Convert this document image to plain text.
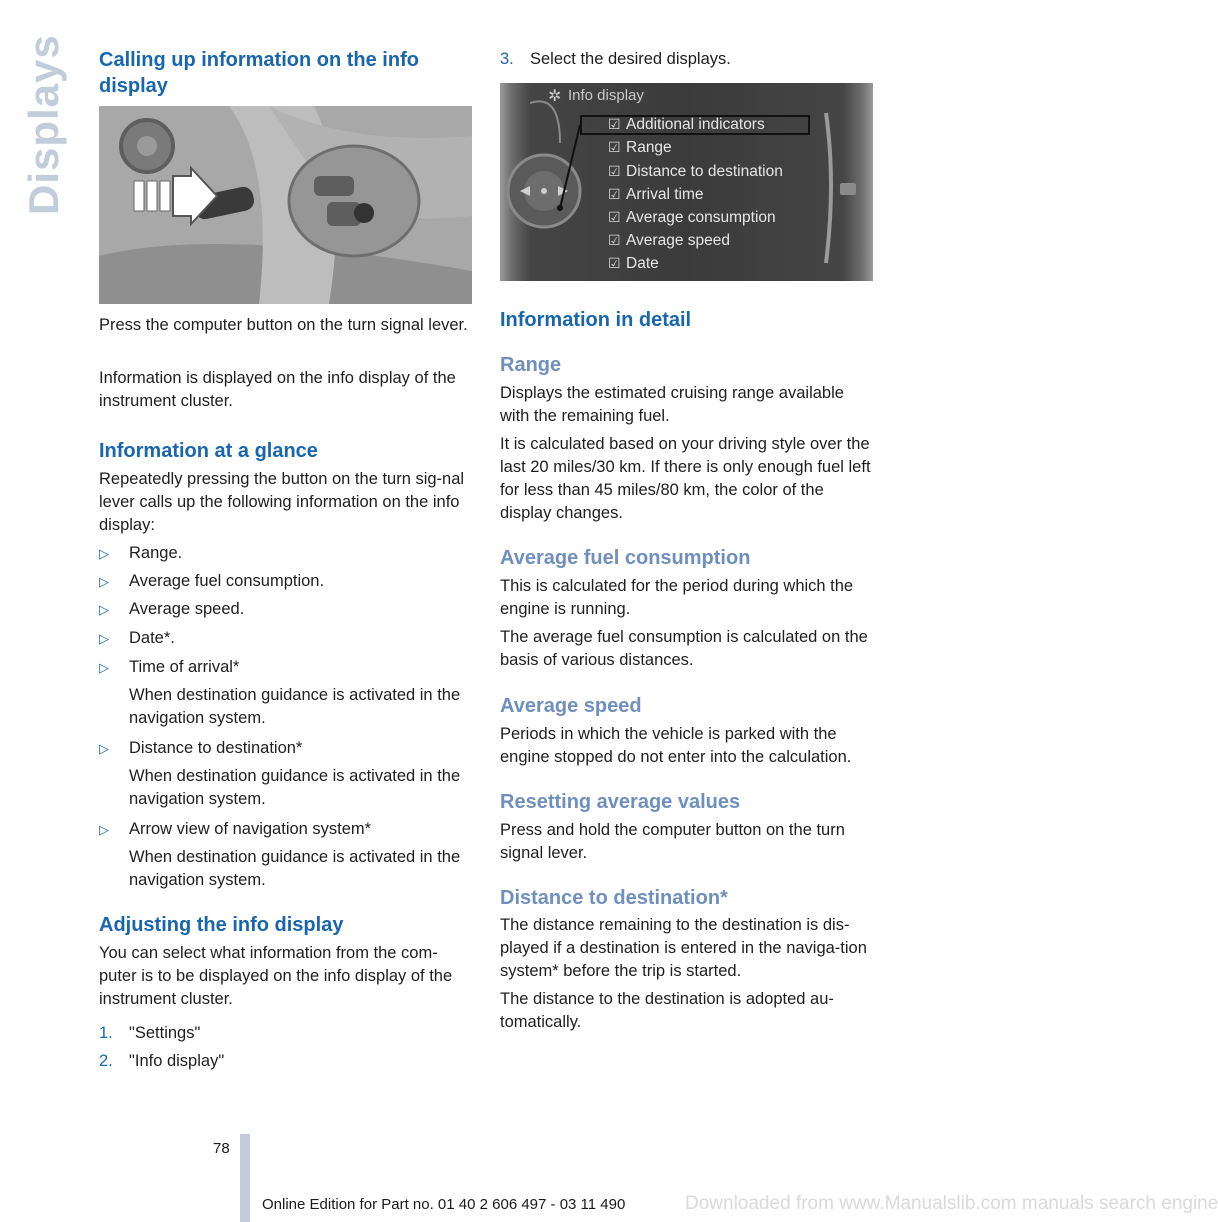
Displays Calling up information on the info display
Press the computer button on the turn signal lever.
Information is displayed on the info display of the instrument cluster.
Information at a glance
Repeatedly pressing the button on the turn sig-nal lever calls up the following information on the info display:
▷ Range.
▷ Average fuel consumption.
▷ Average speed.
▷ Date*.
▷ Time of arrival*
When destination guidance is activated in the navigation system.
▷ Distance to destination*
When destination guidance is activated in the navigation system.
▷ Arrow view of navigation system*
When destination guidance is activated in the navigation system.
Adjusting the info display
You can select what information from the com-puter is to be displayed on the info display of the instrument cluster.
1. "Settings"
2. "Info display"
3. Select the desired displays.
✲ Info display
☑ Additional indicators
☑ Range
☑ Distance to destination
☑ Arrival time
☑ Average consumption
☑ Average speed
☑ Date
Information in detail
Range
Displays the estimated cruising range available with the remaining fuel.
It is calculated based on your driving style over the last 20 miles/30 km. If there is only enough fuel left for less than 45 miles/80 km, the color of the display changes.
Average fuel consumption
This is calculated for the period during which the engine is running.
The average fuel consumption is calculated on the basis of various distances.
Average speed
Periods in which the vehicle is parked with the engine stopped do not enter into the calculation.
Resetting average values
Press and hold the computer button on the turn signal lever.
Distance to destination*
The distance remaining to the destination is dis-played if a destination is entered in the naviga-tion system* before the trip is started.
The distance to the destination is adopted au-tomatically.
78
Online Edition for Part no. 01 40 2 606 497 - 03 11 490	Downloaded from www.Manualslib.com manuals search engine
